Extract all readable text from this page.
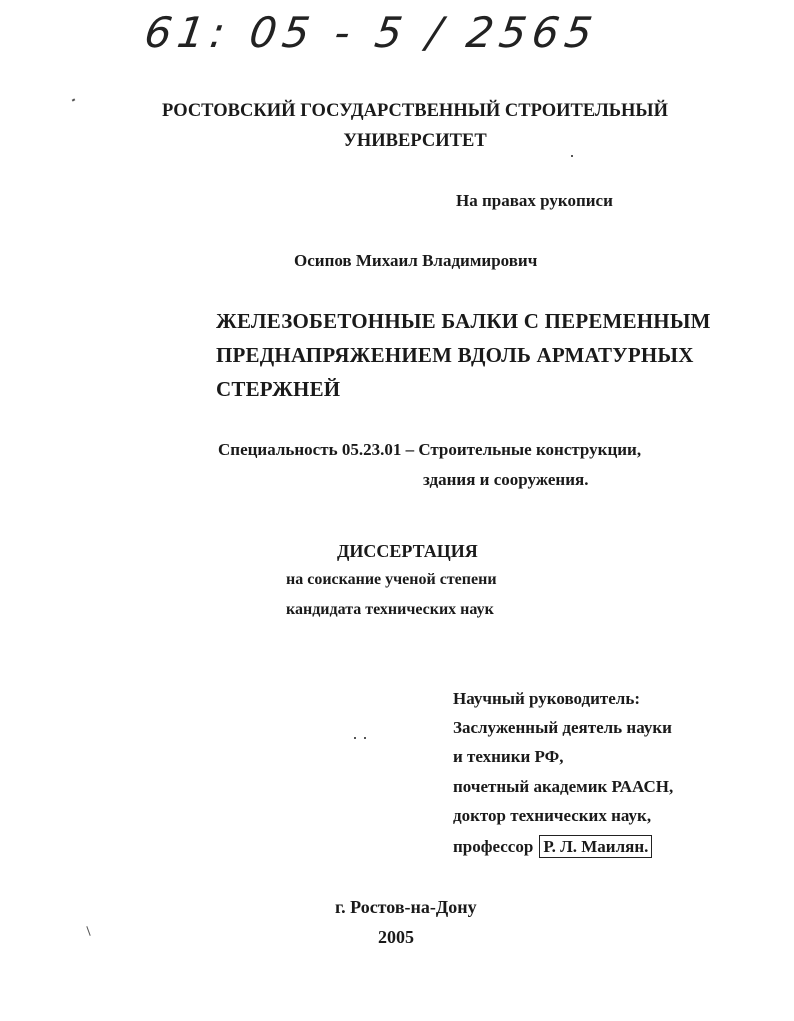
61: 05 - 5 / 2565
РОСТОВСКИЙ ГОСУДАРСТВЕННЫЙ СТРОИТЕЛЬНЫЙ
УНИВЕРСИТЕТ
На правах рукописи
Осипов Михаил Владимирович
ЖЕЛЕЗОБЕТОННЫЕ БАЛКИ С ПЕРЕМЕННЫМ
ПРЕДНАПРЯЖЕНИЕМ ВДОЛЬ АРМАТУРНЫХ
СТЕРЖНЕЙ
Специальность 05.23.01 – Строительные конструкции,
здания и сооружения.
ДИССЕРТАЦИЯ
на соискание ученой степени
кандидата технических наук
Научный руководитель:
Заслуженный деятель науки
и техники РФ,
почетный академик РААСН,
доктор технических наук,
профессор Р. Л. Маилян.
г. Ростов-на-Дону
2005
